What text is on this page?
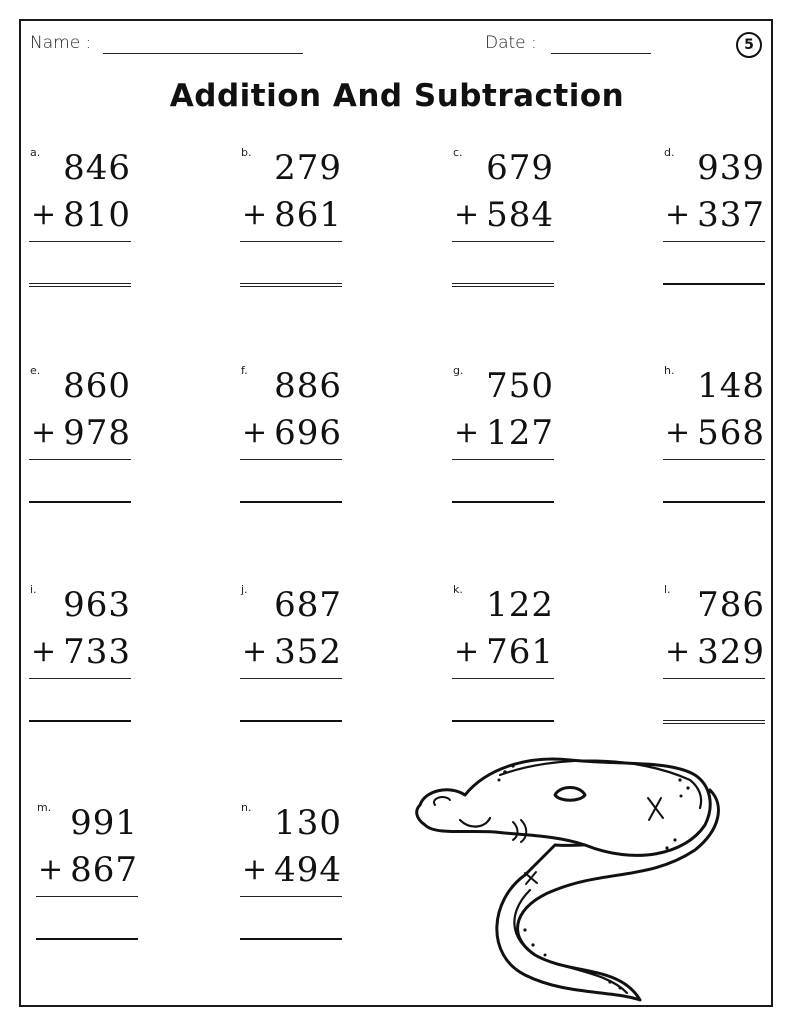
Name :	Date :	5
Addition And Subtraction
a. 846
+ 810
b. 279
+ 861
c. 679
+ 584
d. 939
+ 337
e. 860
+ 978
f. 886
+ 696
g. 750
+ 127
h. 148
+ 568
i. 963
+ 733
j. 687
+ 352
k. 122
+ 761
l. 786
+ 329
m. 991
+ 867
n. 130
+ 494
